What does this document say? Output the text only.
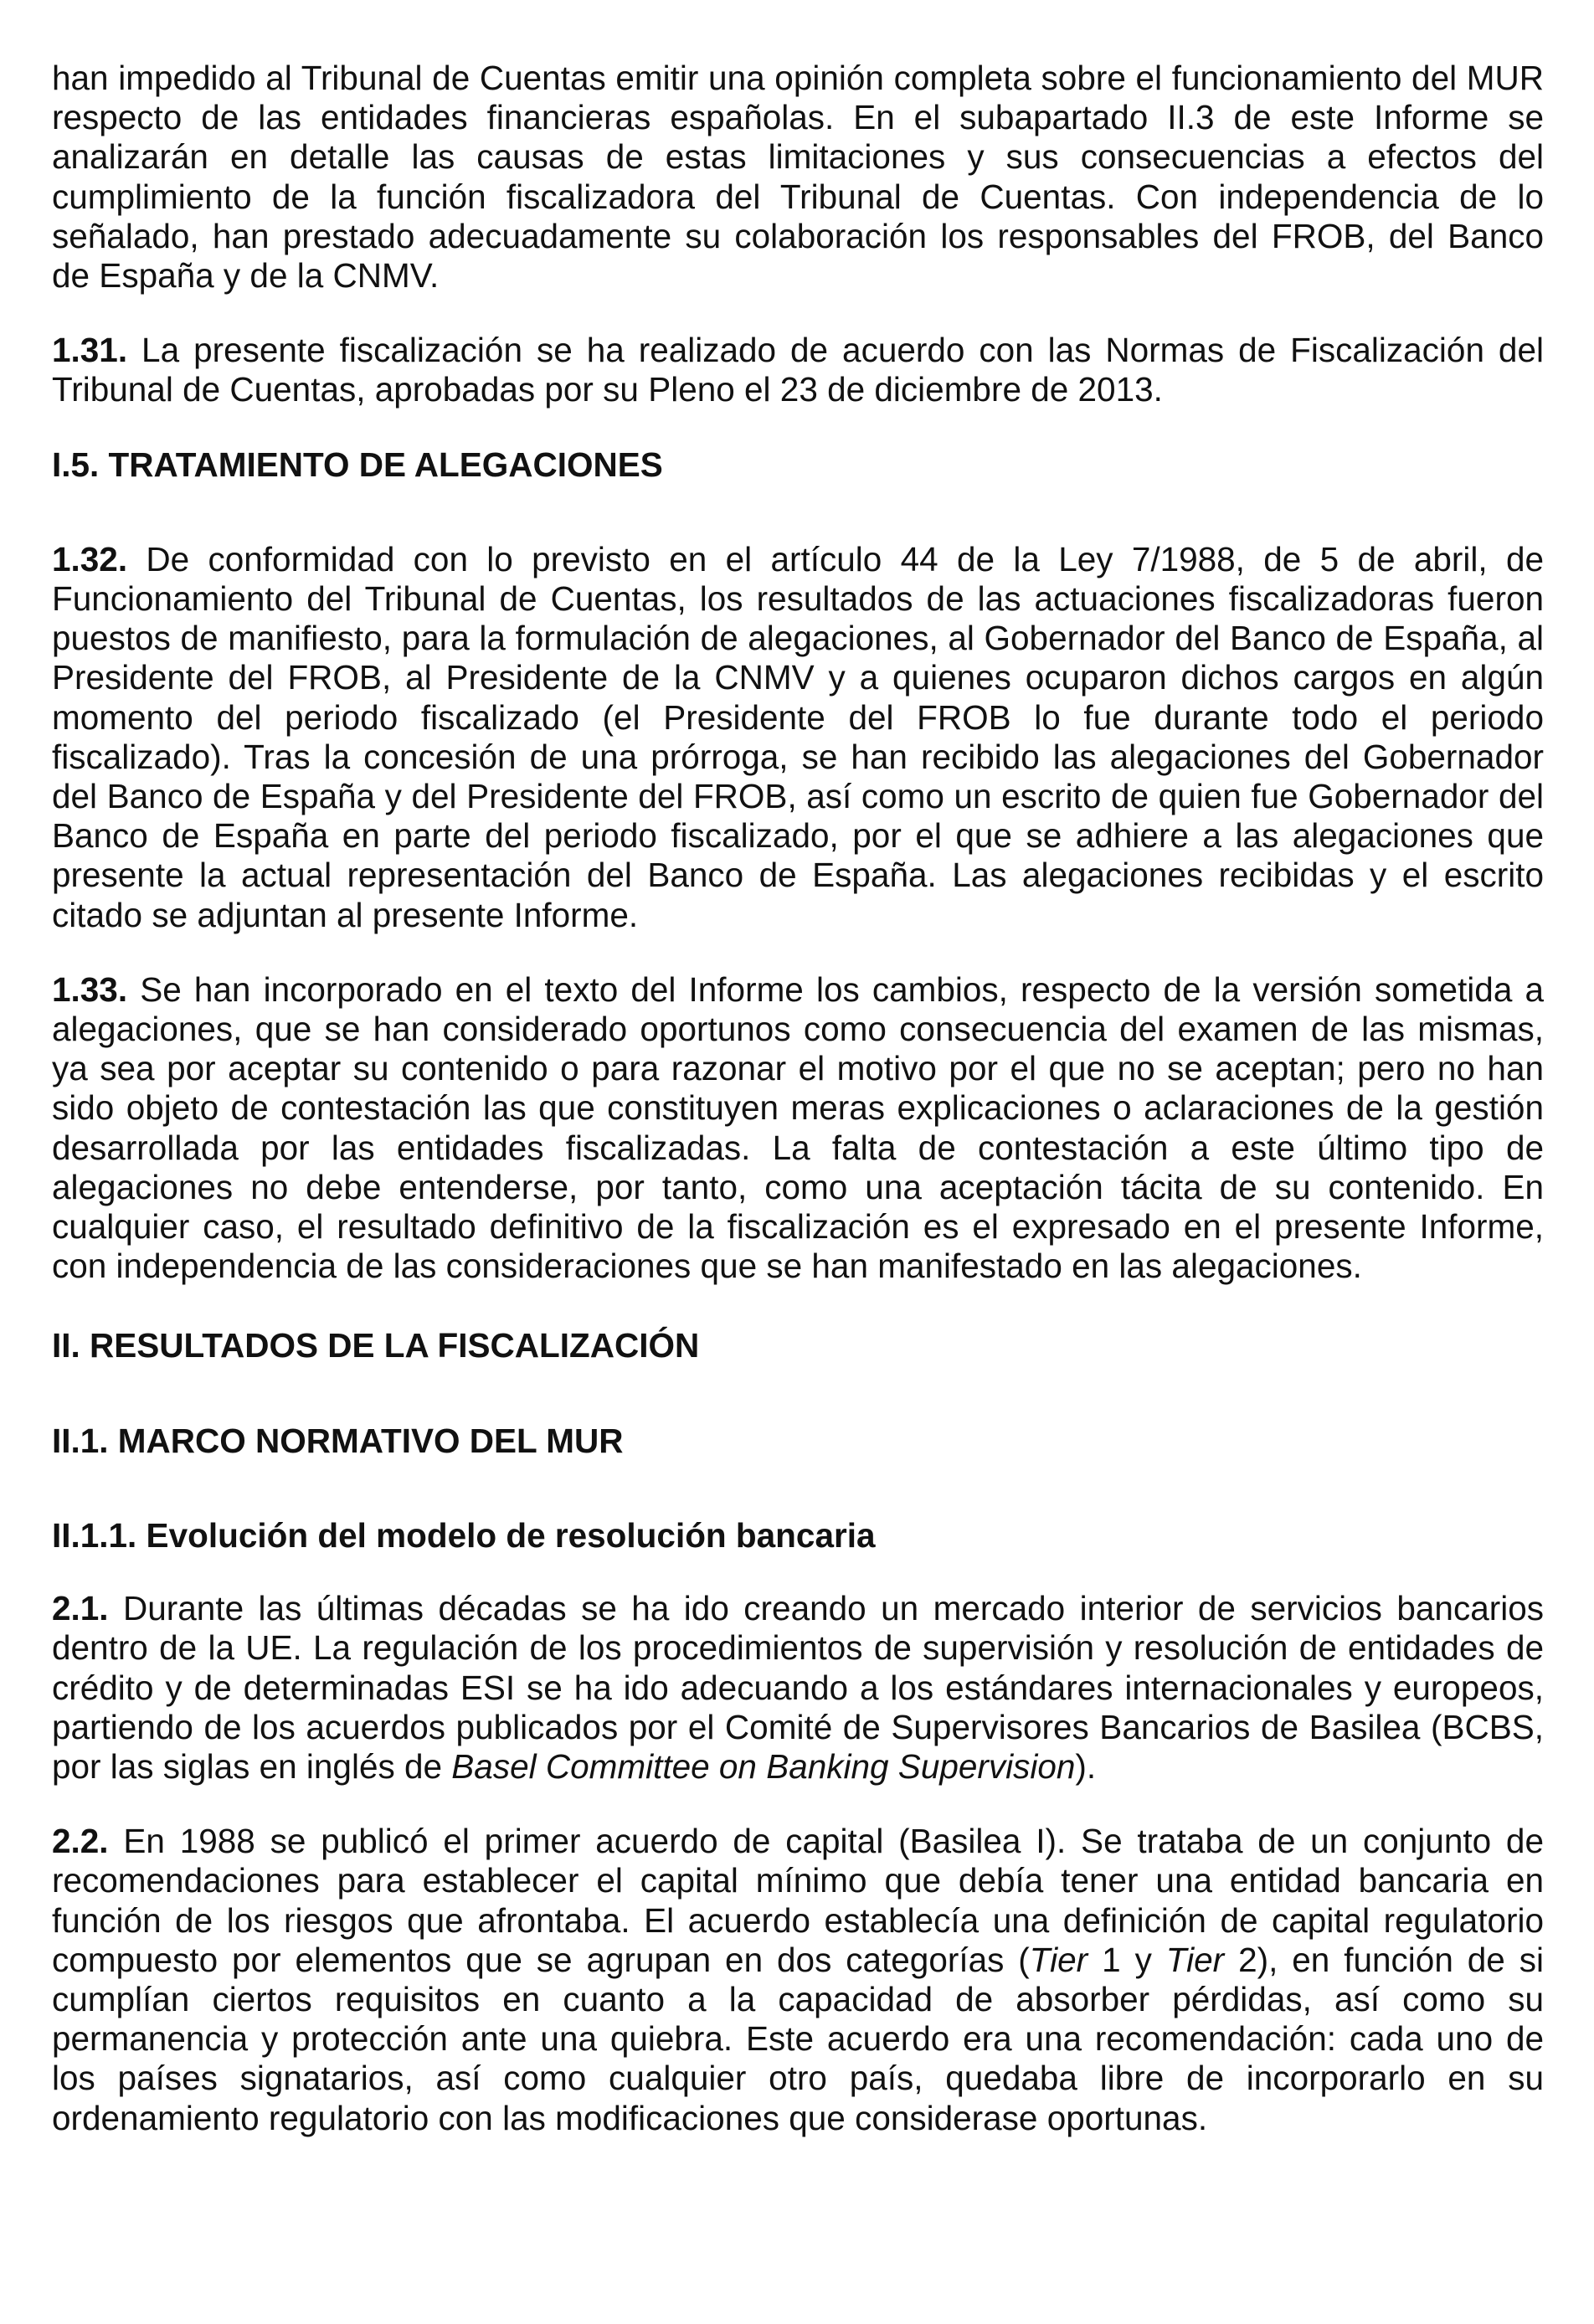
han impedido al Tribunal de Cuentas emitir una opinión completa sobre el funcionamiento del MUR respecto de las entidades financieras españolas. En el subapartado II.3 de este Informe se analizarán en detalle las causas de estas limitaciones y sus consecuencias a efectos del cumplimiento de la función fiscalizadora del Tribunal de Cuentas. Con independencia de lo señalado, han prestado adecuadamente su colaboración los responsables del FROB, del Banco de España y de la CNMV.

1.31. La presente fiscalización se ha realizado de acuerdo con las Normas de Fiscalización del Tribunal de Cuentas, aprobadas por su Pleno el 23 de diciembre de 2013.

I.5. TRATAMIENTO DE ALEGACIONES

1.32. De conformidad con lo previsto en el artículo 44 de la Ley 7/1988, de 5 de abril, de Funcionamiento del Tribunal de Cuentas, los resultados de las actuaciones fiscalizadoras fueron puestos de manifiesto, para la formulación de alegaciones, al Gobernador del Banco de España, al Presidente del FROB, al Presidente de la CNMV y a quienes ocuparon dichos cargos en algún momento del periodo fiscalizado (el Presidente del FROB lo fue durante todo el periodo fiscalizado). Tras la concesión de una prórroga, se han recibido las alegaciones del Gobernador del Banco de España y del Presidente del FROB, así como un escrito de quien fue Gobernador del Banco de España en parte del periodo fiscalizado, por el que se adhiere a las alegaciones que presente la actual representación del Banco de España. Las alegaciones recibidas y el escrito citado se adjuntan al presente Informe.

1.33. Se han incorporado en el texto del Informe los cambios, respecto de la versión sometida a alegaciones, que se han considerado oportunos como consecuencia del examen de las mismas, ya sea por aceptar su contenido o para razonar el motivo por el que no se aceptan; pero no han sido objeto de contestación las que constituyen meras explicaciones o aclaraciones de la gestión desarrollada por las entidades fiscalizadas. La falta de contestación a este último tipo de alegaciones no debe entenderse, por tanto, como una aceptación tácita de su contenido. En cualquier caso, el resultado definitivo de la fiscalización es el expresado en el presente Informe, con independencia de las consideraciones que se han manifestado en las alegaciones.

II. RESULTADOS DE LA FISCALIZACIÓN
II.1. MARCO NORMATIVO DEL MUR
II.1.1. Evolución del modelo de resolución bancaria

2.1. Durante las últimas décadas se ha ido creando un mercado interior de servicios bancarios dentro de la UE. La regulación de los procedimientos de supervisión y resolución de entidades de crédito y de determinadas ESI se ha ido adecuando a los estándares internacionales y europeos, partiendo de los acuerdos publicados por el Comité de Supervisores Bancarios de Basilea (BCBS, por las siglas en inglés de Basel Committee on Banking Supervision).

2.2. En 1988 se publicó el primer acuerdo de capital (Basilea I). Se trataba de un conjunto de recomendaciones para establecer el capital mínimo que debía tener una entidad bancaria en función de los riesgos que afrontaba. El acuerdo establecía una definición de capital regulatorio compuesto por elementos que se agrupan en dos categorías (Tier 1 y Tier 2), en función de si cumplían ciertos requisitos en cuanto a la capacidad de absorber pérdidas, así como su permanencia y protección ante una quiebra. Este acuerdo era una recomendación: cada uno de los países signatarios, así como cualquier otro país, quedaba libre de incorporarlo en su ordenamiento regulatorio con las modificaciones que considerase oportunas.
